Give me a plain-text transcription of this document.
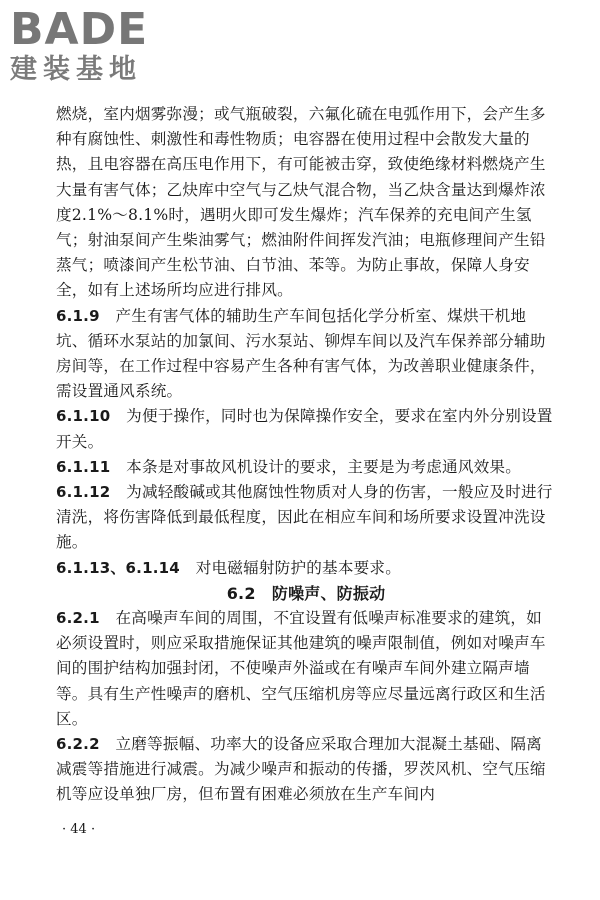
BADE
建装基地

燃烧，室内烟雾弥漫；或气瓶破裂，六氟化硫在电弧作用下，会产生多种有腐蚀性、刺激性和毒性物质；电容器在使用过程中会散发大量的热，且电容器在高压电作用下，有可能被击穿，致使绝缘材料燃烧产生大量有害气体；乙炔库中空气与乙炔气混合物，当乙炔含量达到爆炸浓度2.1%～8.1%时，遇明火即可发生爆炸；汽车保养的充电间产生氢气；射油泵间产生柴油雾气；燃油附件间挥发汽油；电瓶修理间产生铅蒸气；喷漆间产生松节油、白节油、苯等。为防止事故，保障人身安全，如有上述场所均应进行排风。

6.1.9　 产生有害气体的辅助生产车间包括化学分析室、煤烘干机地坑、循环水泵站的加氯间、污水泵站、铆焊车间以及汽车保养部分辅助房间等，在工作过程中容易产生各种有害气体，为改善职业健康条件，需设置通风系统。

6.1.10　 为便于操作，同时也为保障操作安全，要求在室内外分别设置开关。

6.1.11　 本条是对事故风机设计的要求，主要是为考虑通风效果。

6.1.12　 为减轻酸碱或其他腐蚀性物质对人身的伤害，一般应及时进行清洗，将伤害降低到最低程度，因此在相应车间和场所要求设置冲洗设施。

6.1.13、6.1.14　 对电磁辐射防护的基本要求。

6.2　防噪声、防振动

6.2.1　 在高噪声车间的周围，不宜设置有低噪声标准要求的建筑，如必须设置时，则应采取措施保证其他建筑的噪声限制值，例如对噪声车间的围护结构加强封闭，不使噪声外溢或在有噪声车间外建立隔声墙等。具有生产性噪声的磨机、空气压缩机房等应尽量远离行政区和生活区。

6.2.2　 立磨等振幅、功率大的设备应采取合理加大混凝土基础、隔离减震等措施进行减震。为减少噪声和振动的传播，罗茨风机、空气压缩机等应设单独厂房，但布置有困难必须放在生产车间内

· 44 ·
